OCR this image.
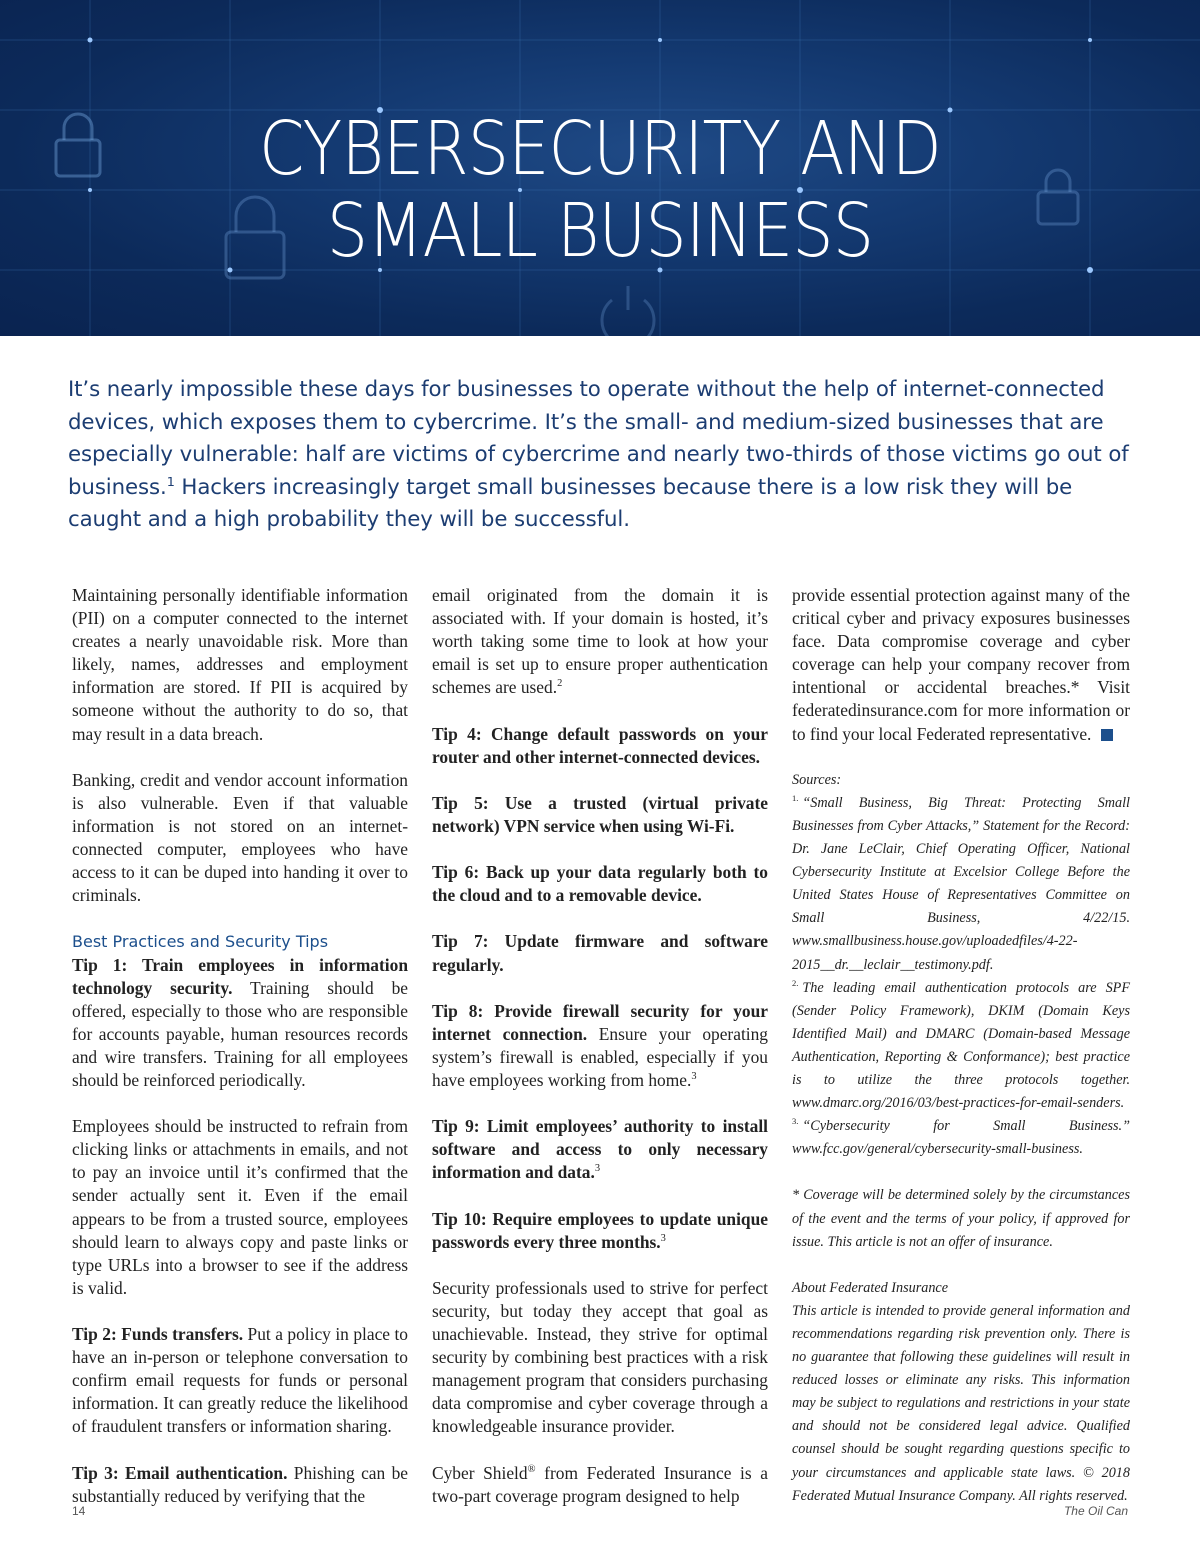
CYBERSECURITY AND
SMALL BUSINESS

It’s nearly impossible these days for businesses to operate without the help of internet-connected devices, which exposes them to cybercrime. It’s the small- and medium-sized businesses that are especially vulnerable: half are victims of cybercrime and nearly two-thirds of those victims go out of business.$^1$ Hackers increasingly target small businesses because there is a low risk they will be caught and a high probability they will be successful.

Maintaining personally identifiable information (PII) on a computer connected to the internet creates a nearly unavoidable risk. More than likely, names, addresses and employment information are stored. If PII is acquired by someone without the authority to do so, that may result in a data breach.

Banking, credit and vendor account information is also vulnerable. Even if that valuable information is not stored on an internet-connected computer, employees who have access to it can be duped into handing it over to criminals.

Best Practices and Security Tips

Tip 1: Train employees in information technology security. Training should be offered, especially to those who are responsible for accounts payable, human resources records and wire transfers. Training for all employees should be reinforced periodically.

Employees should be instructed to refrain from clicking links or attachments in emails, and not to pay an invoice until it’s confirmed that the sender actually sent it. Even if the email appears to be from a trusted source, employees should learn to always copy and paste links or type URLs into a browser to see if the address is valid.

Tip 2: Funds transfers. Put a policy in place to have an in-person or telephone conversation to confirm email requests for funds or personal information. It can greatly reduce the likelihood of fraudulent transfers or information sharing.

Tip 3: Email authentication. Phishing can be substantially reduced by verifying that the

email originated from the domain it is associated with. If your domain is hosted, it’s worth taking some time to look at how your email is set up to ensure proper authentication schemes are used.$^2$

Tip 4: Change default passwords on your router and other internet-connected devices.

Tip 5: Use a trusted (virtual private network) VPN service when using Wi-Fi.

Tip 6: Back up your data regularly both to the cloud and to a removable device.

Tip 7: Update firmware and software regularly.

Tip 8: Provide firewall security for your internet connection. Ensure your operating system’s firewall is enabled, especially if you have employees working from home.$^3$

Tip 9: Limit employees’ authority to install software and access to only necessary information and data.$^3$

Tip 10: Require employees to update unique passwords every three months.$^3$

Security professionals used to strive for perfect security, but today they accept that goal as unachievable. Instead, they strive for optimal security by combining best practices with a risk management program that considers purchasing data compromise and cyber coverage through a knowledgeable insurance provider.

Cyber Shield® from Federated Insurance is a two-part coverage program designed to help

provide essential protection against many of the critical cyber and privacy exposures businesses face. Data compromise coverage and cyber coverage can help your company recover from intentional or accidental breaches.* Visit federatedinsurance.com for more information or to find your local Federated representative.

Sources:

$^{1.}$ “Small Business, Big Threat: Protecting Small Businesses from Cyber Attacks,” Statement for the Record: Dr. Jane LeClair, Chief Operating Officer, National Cybersecurity Institute at Excelsior College Before the United States House of Representatives Committee on Small Business, 4/22/15. www.smallbusiness.house.gov/uploadedfiles/4-22-2015__dr.__leclair__testimony.pdf.

$^{2.}$ The leading email authentication protocols are SPF (Sender Policy Framework), DKIM (Domain Keys Identified Mail) and DMARC (Domain-based Message Authentication, Reporting & Conformance); best practice is to utilize the three protocols together. www.dmarc.org/2016/03/best-practices-for-email-senders.

$^{3.}$ “Cybersecurity for Small Business.” www.fcc.gov/general/cybersecurity-small-business.

* Coverage will be determined solely by the circumstances of the event and the terms of your policy, if approved for issue. This article is not an offer of insurance.

About Federated Insurance

This article is intended to provide general information and recommendations regarding risk prevention only. There is no guarantee that following these guidelines will result in reduced losses or eliminate any risks. This information may be subject to regulations and restrictions in your state and should not be considered legal advice. Qualified counsel should be sought regarding questions specific to your circumstances and applicable state laws. © 2018 Federated Mutual Insurance Company. All rights reserved.

14	The Oil Can
